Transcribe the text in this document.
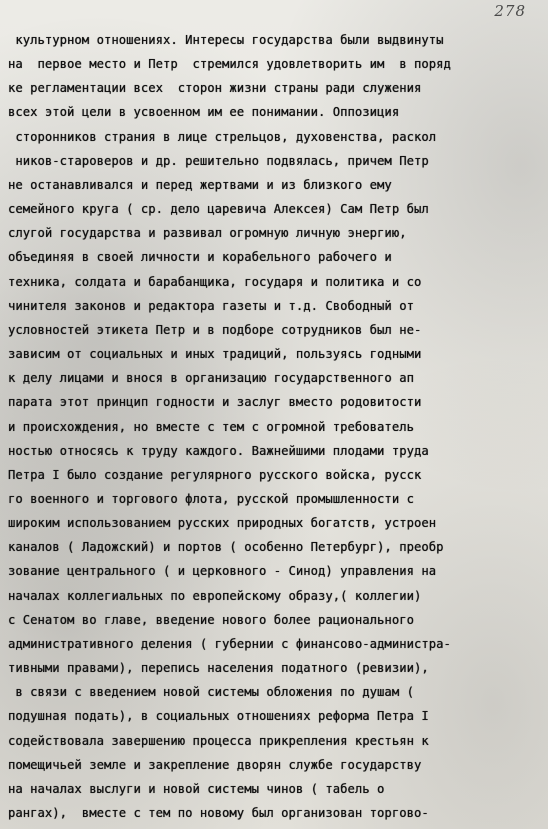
278
культурном отношениях. Интересы государства были выдвинуты
на  первое место и Петр  стремился удовлетворить им  в поряд
ке регламентации всех  сторон жизни страны ради служения
всех этой цели в усвоенном им ее понимании. Оппозиция
сторонников страния в лице стрельцов, духовенства, раскол
ников-староверов и др. решительно подвялась, причем Петр
не останавливался и перед жертвами и из близкого ему
семейного круга ( ср. дело царевича Алексея) Сам Петр был
слугой государства и развивал огромную личную энергию,
объединяя в своей личности и корабельного рабочего и
техника, солдата и барабанщика, государя и политика и со
чинителя законов и редактора газеты и т.д. Свободный от
условностей этикета Петр и в подборе сотрудников был не-
зависим от социальных и иных традиций, пользуясь годными
к делу лицами и внося в организацию государственного ап
парата этот принцип годности и заслуг вместо родовитости
и происхождения, но вместе с тем с огромной требователь
ностью относясь к труду каждого. Важнейшими плодами труда
Петра I было создание регулярного русского войска, русск
го военного и торгового флота, русской промышленности с
широким использованием русских природных богатств, устроен
каналов ( Ладожский) и портов ( особенно Петербург), преобр
зование центрального ( и церковного - Синод) управления на
началах коллегиальных по европейскому образу,( коллегии)
с Сенатом во главе, введение нового более рационального
административного деления ( губернии с финансово-администра-
тивными правами), перепись населения податного (ревизии),
в связи с введением новой системы обложения по душам (
подушная подать), в социальных отношениях реформа Петра I
содействовала завершению процесса прикрепления крестьян к
помещичьей земле и закрепление дворян службе государству
на началах выслуги и новой системы чинов ( табель о
рангах),  вместе с тем по новому был организован торгово-
